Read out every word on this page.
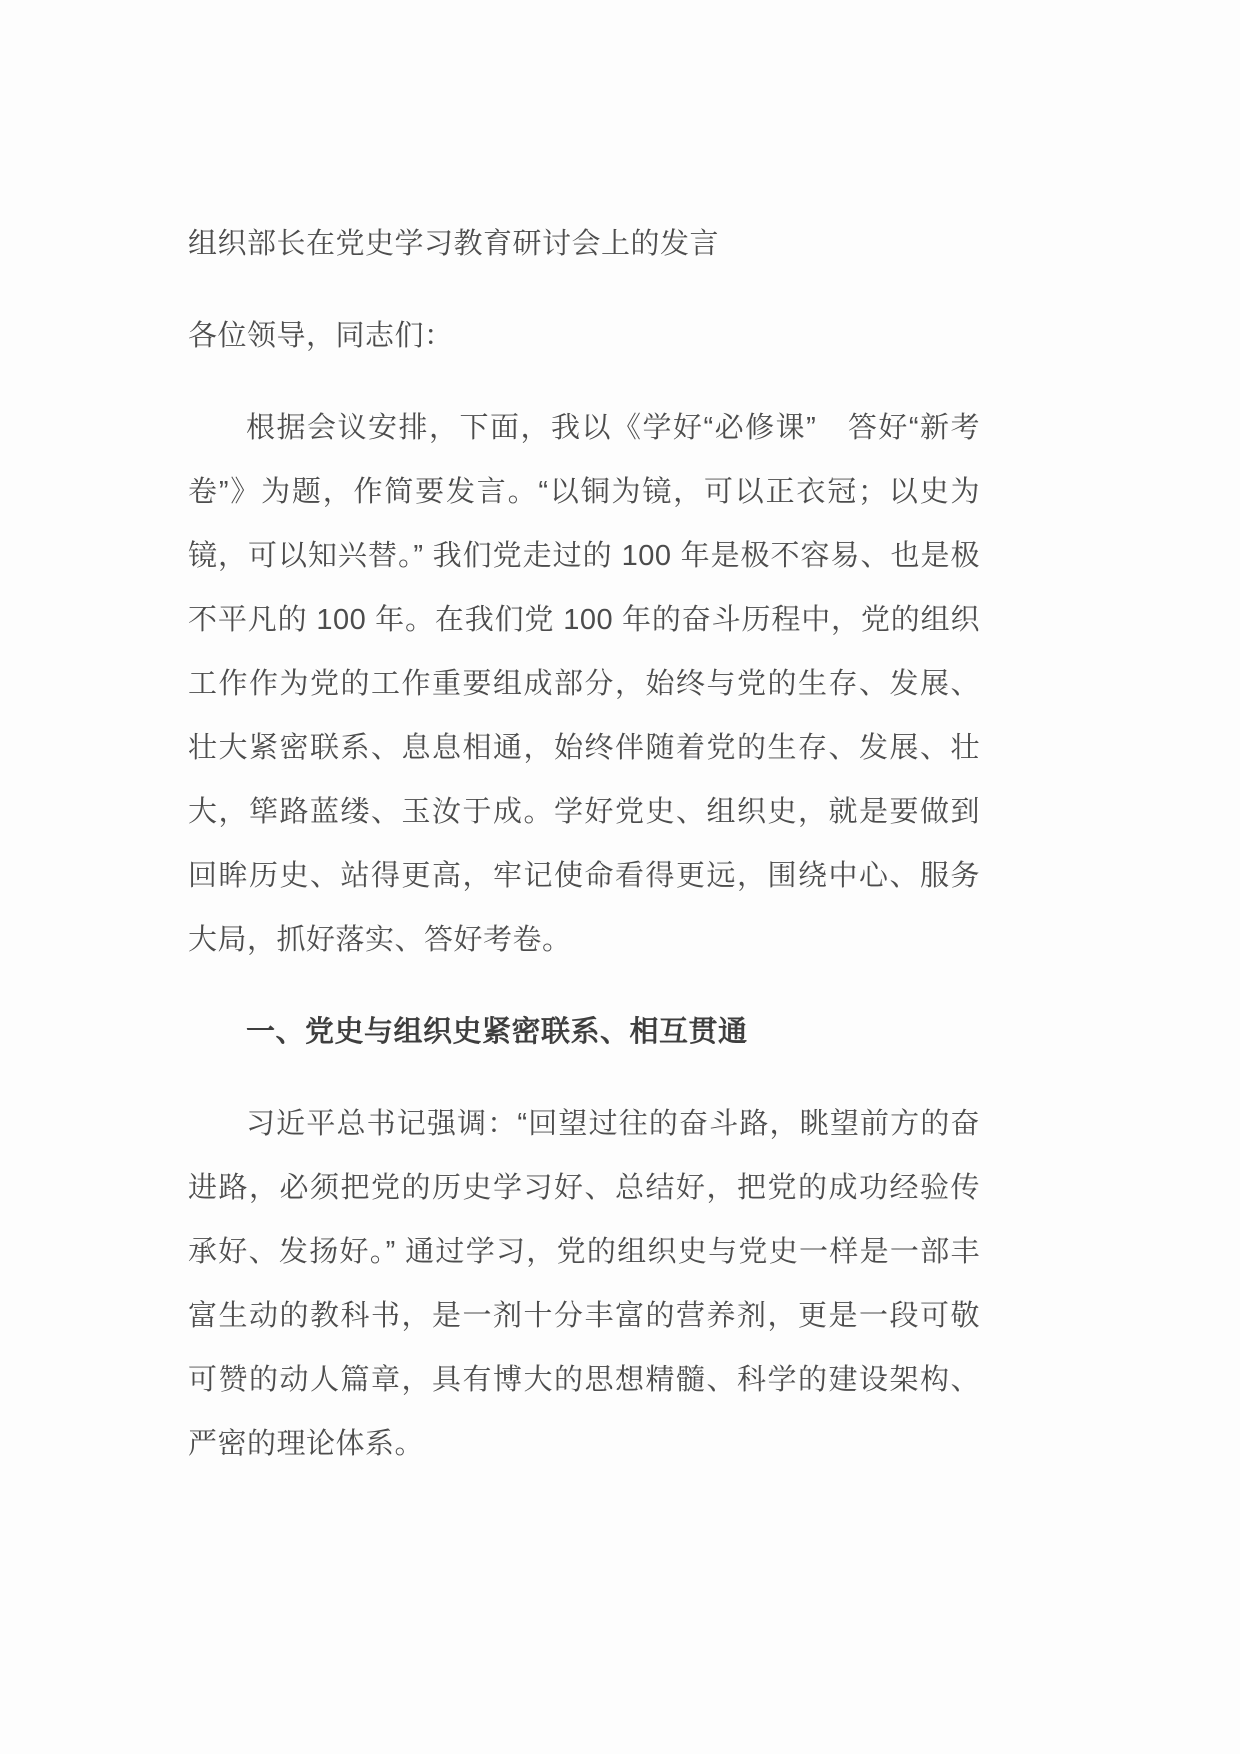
组织部长在党史学习教育研讨会上的发言
各位领导，同志们：

根据会议安排，下面，我以《学好“必修课”　答好“新考卷”》为题，作简要发言。“以铜为镜，可以正衣冠；以史为镜，可以知兴替。” 我们党走过的 100 年是极不容易、也是极不平凡的 100 年。在我们党 100 年的奋斗历程中，党的组织工作作为党的工作重要组成部分，始终与党的生存、发展、壮大紧密联系、息息相通，始终伴随着党的生存、发展、壮大，筚路蓝缕、玉汝于成。学好党史、组织史，就是要做到回眸历史、站得更高，牢记使命看得更远，围绕中心、服务大局，抓好落实、答好考卷。

一、党史与组织史紧密联系、相互贯通

习近平总书记强调：“回望过往的奋斗路，眺望前方的奋进路，必须把党的历史学习好、总结好，把党的成功经验传承好、发扬好。” 通过学习，党的组织史与党史一样是一部丰富生动的教科书，是一剂十分丰富的营养剂，更是一段可敬可赞的动人篇章，具有博大的思想精髓、科学的建设架构、严密的理论体系。
